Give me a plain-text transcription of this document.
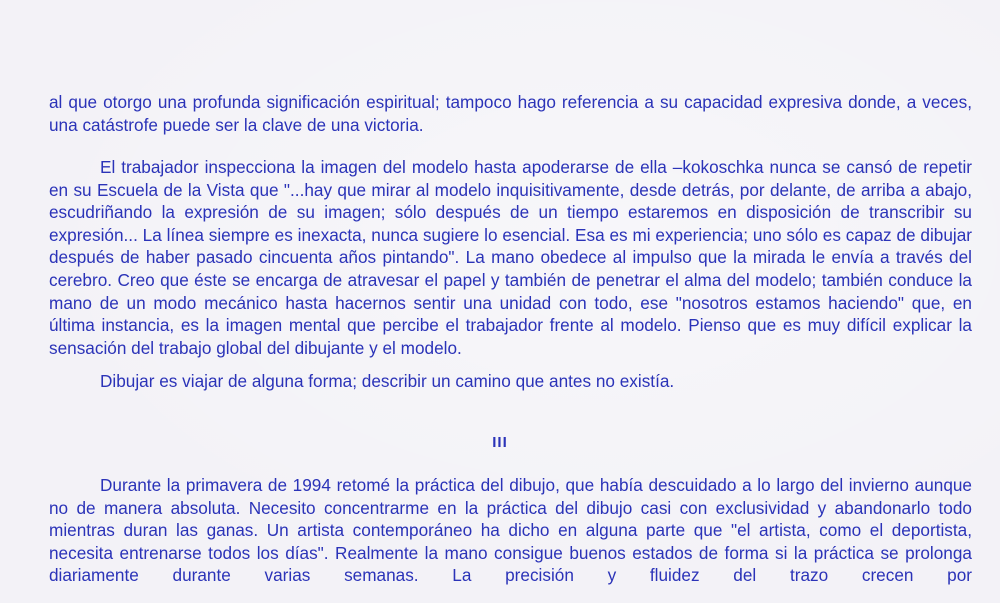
al que otorgo una profunda significación espiritual; tampoco hago referencia a su capacidad expresiva donde, a veces, una catástrofe puede ser la clave de una victoria.

El trabajador inspecciona la imagen del modelo hasta apoderarse de ella –kokoschka nunca se cansó de repetir en su Escuela de la Vista que "...hay que mirar al modelo inquisitivamente, desde detrás, por delante, de arriba a abajo, escudriñando la expresión de su imagen; sólo después de un tiempo estaremos en disposición de transcribir su expresión... La línea siempre es inexacta, nunca sugiere lo esencial. Esa es mi experiencia; uno sólo es capaz de dibujar después de haber pasado cincuenta años pintando". La mano obedece al impulso que la mirada le envía a través del cerebro. Creo que éste se encarga de atravesar el papel y también de penetrar el alma del modelo; también conduce la mano de un modo mecánico hasta hacernos sentir una unidad con todo, ese "nosotros estamos haciendo" que, en última instancia, es la imagen mental que percibe el trabajador frente al modelo. Pienso que es muy difícil explicar la sensación del trabajo global del dibujante y el modelo.

Dibujar es viajar de alguna forma; describir un camino que antes no existía.

III

Durante la primavera de 1994 retomé la práctica del dibujo, que había descuidado a lo largo del invierno aunque no de manera absoluta. Necesito concentrarme en la práctica del dibujo casi con exclusividad y abandonarlo todo mientras duran las ganas. Un artista contemporáneo ha dicho en alguna parte que "el artista, como el deportista, necesita entrenarse todos los días". Realmente la mano consigue buenos estados de forma si la práctica se prolonga diariamente durante varias semanas. La precisión y fluidez del trazo crecen por
